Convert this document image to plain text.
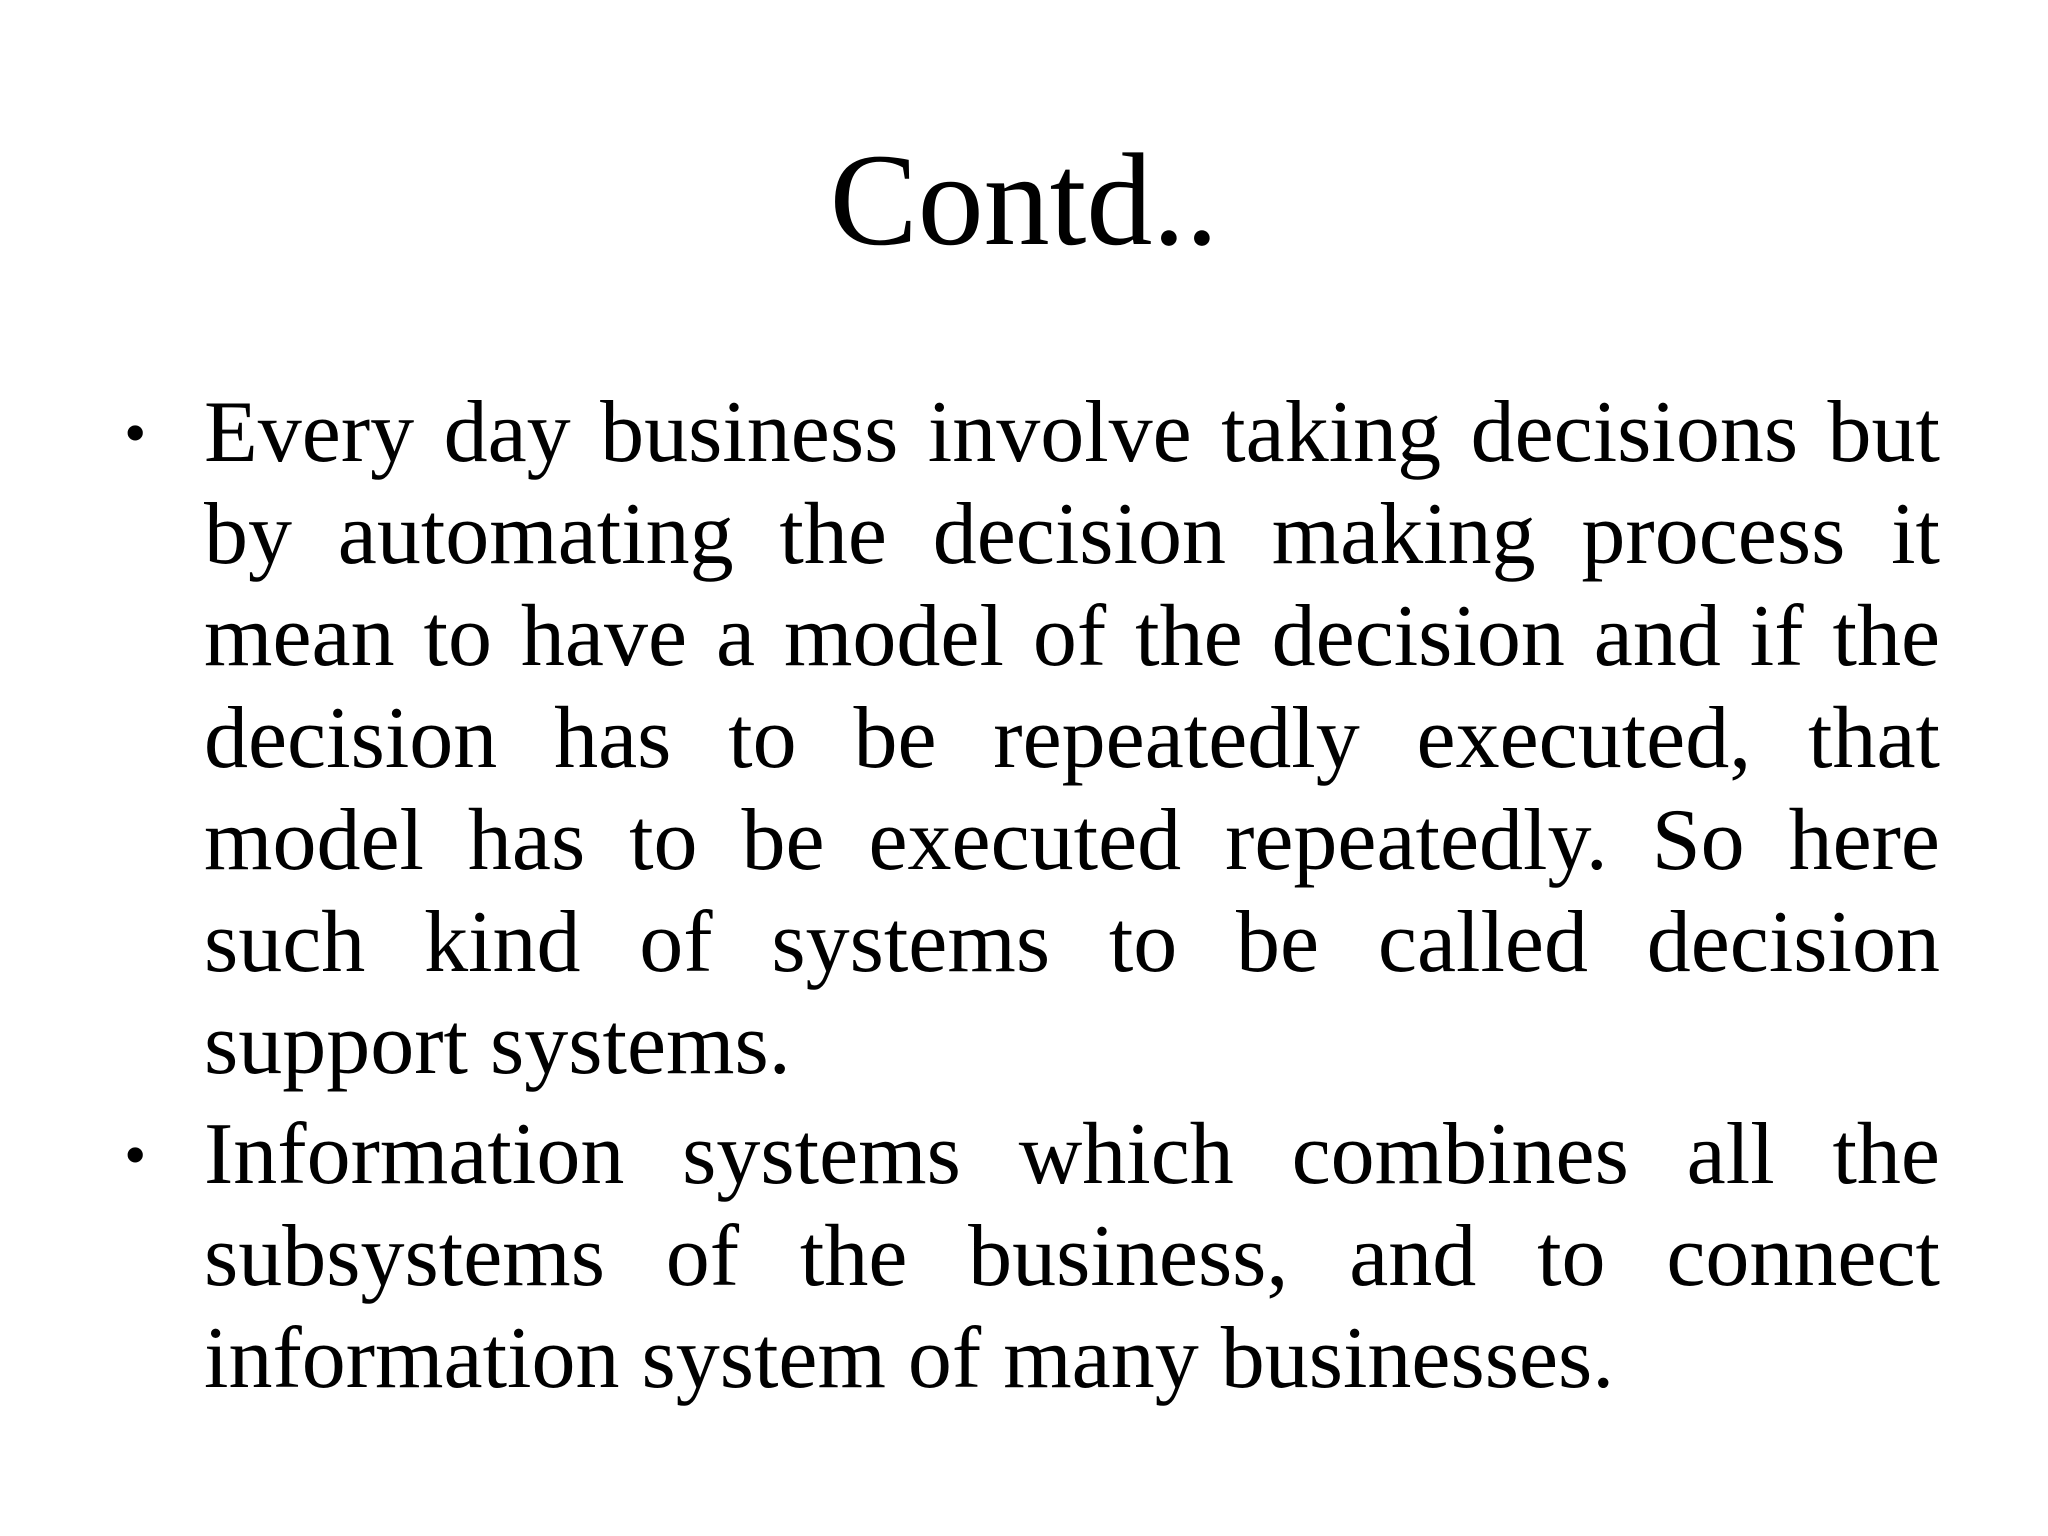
Contd..
• Every day business involve taking decisions but by automating the decision making process it mean to have a model of the decision and if the decision has to be repeatedly executed, that model has to be executed repeatedly. So here such kind of systems to be called decision support systems.
• Information systems which combines all the subsystems of the business, and to connect information system of many businesses.
